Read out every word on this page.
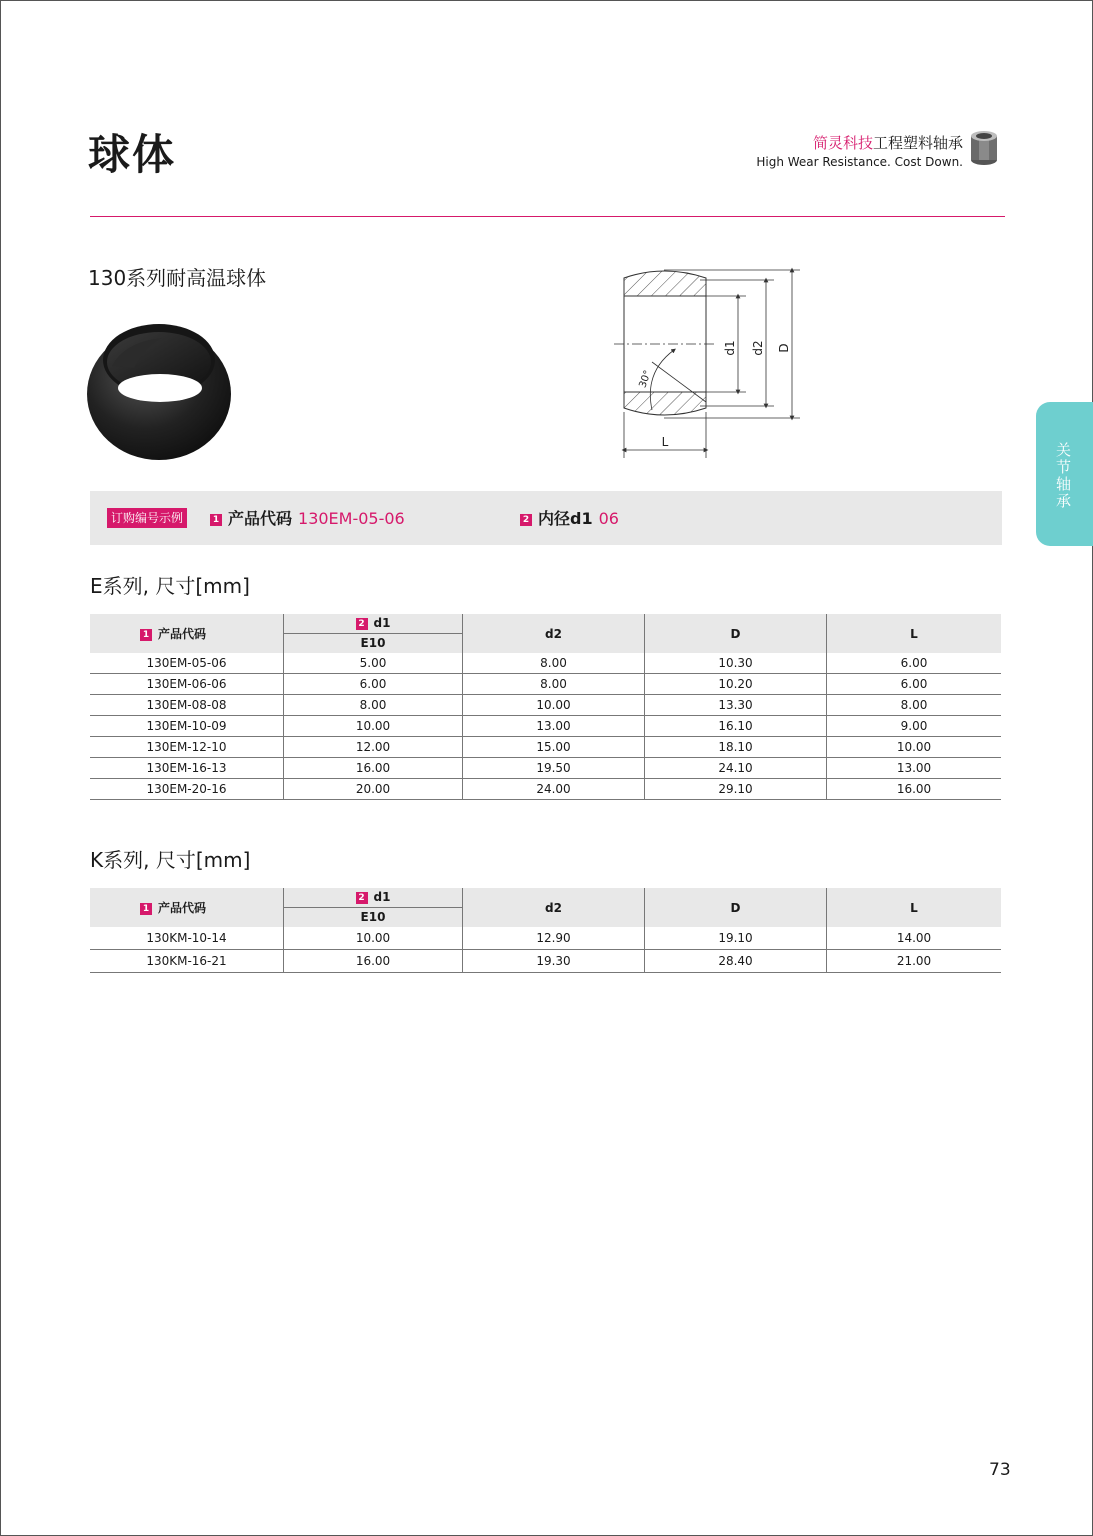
球体	简灵科技工程塑料轴承
High Wear Resistance. Cost Down.
130系列耐高温球体
d1 d2 D
L
30°
关节轴承
订购编号示例	1 产品代码 130EM-05-06	2 内径d1 06
E系列, 尺寸[mm]
1 产品代码	2 d1
E10	d2	D	L
130EM-05-06	5.00	8.00	10.30	6.00
130EM-06-06	6.00	8.00	10.20	6.00
130EM-08-08	8.00	10.00	13.30	8.00
130EM-10-09	10.00	13.00	16.10	9.00
130EM-12-10	12.00	15.00	18.10	10.00
130EM-16-13	16.00	19.50	24.10	13.00
130EM-20-16	20.00	24.00	29.10	16.00
K系列, 尺寸[mm]
1 产品代码	2 d1
E10	d2	D	L
130KM-10-14	10.00	12.90	19.10	14.00
130KM-16-21	16.00	19.30	28.40	21.00
73
